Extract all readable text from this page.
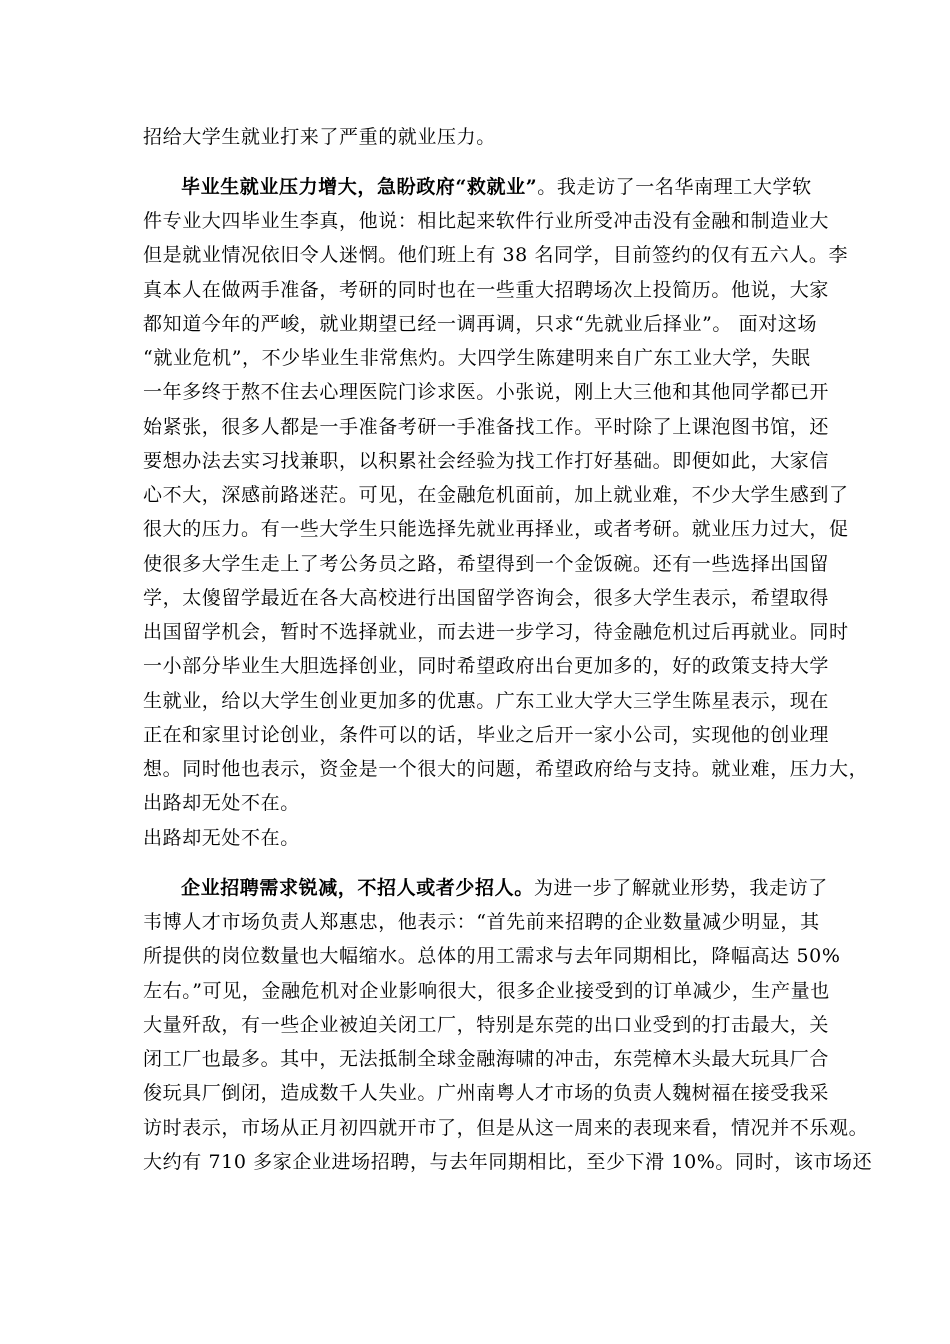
招给大学生就业打来了严重的就业压力。
毕业生就业压力增大，急盼政府“救就业”。我走访了一名华南理工大学软
件专业大四毕业生李真，他说：相比起来软件行业所受冲击没有金融和制造业大
但是就业情况依旧令人迷惘。他们班上有 38 名同学，目前签约的仅有五六人。李
真本人在做两手准备，考研的同时也在一些重大招聘场次上投简历。他说，大家
都知道今年的严峻，就业期望已经一调再调，只求“先就业后择业”。 面对这场
“就业危机”，不少毕业生非常焦灼。大四学生陈建明来自广东工业大学，失眠
一年多终于熬不住去心理医院门诊求医。小张说，刚上大三他和其他同学都已开
始紧张，很多人都是一手准备考研一手准备找工作。平时除了上课泡图书馆，还
要想办法去实习找兼职，以积累社会经验为找工作打好基础。即便如此，大家信
心不大，深感前路迷茫。可见，在金融危机面前，加上就业难，不少大学生感到了
很大的压力。有一些大学生只能选择先就业再择业，或者考研。就业压力过大，促
使很多大学生走上了考公务员之路，希望得到一个金饭碗。还有一些选择出国留
学，太傻留学最近在各大高校进行出国留学咨询会，很多大学生表示，希望取得
出国留学机会，暂时不选择就业，而去进一步学习，待金融危机过后再就业。同时
一小部分毕业生大胆选择创业，同时希望政府出台更加多的，好的政策支持大学
生就业，给以大学生创业更加多的优惠。广东工业大学大三学生陈星表示，现在
正在和家里讨论创业，条件可以的话，毕业之后开一家小公司，实现他的创业理
想。同时他也表示，资金是一个很大的问题，希望政府给与支持。就业难，压力大，
出路却无处不在。
出路却无处不在。
企业招聘需求锐减，不招人或者少招人。为进一步了解就业形势，我走访了
韦博人才市场负责人郑惠忠，他表示：“首先前来招聘的企业数量减少明显，其
所提供的岗位数量也大幅缩水。总体的用工需求与去年同期相比，降幅高达 50%
左右。”可见，金融危机对企业影响很大，很多企业接受到的订单减少，生产量也
大量歼敌，有一些企业被迫关闭工厂，特别是东莞的出口业受到的打击最大，关
闭工厂也最多。其中，无法抵制全球金融海啸的冲击，东莞樟木头最大玩具厂合
俊玩具厂倒闭，造成数千人失业。广州南粤人才市场的负责人魏树福在接受我采
访时表示，市场从正月初四就开市了，但是从这一周来的表现来看，情况并不乐观。
大约有 710 多家企业进场招聘，与去年同期相比，至少下滑 10%。同时，该市场还
